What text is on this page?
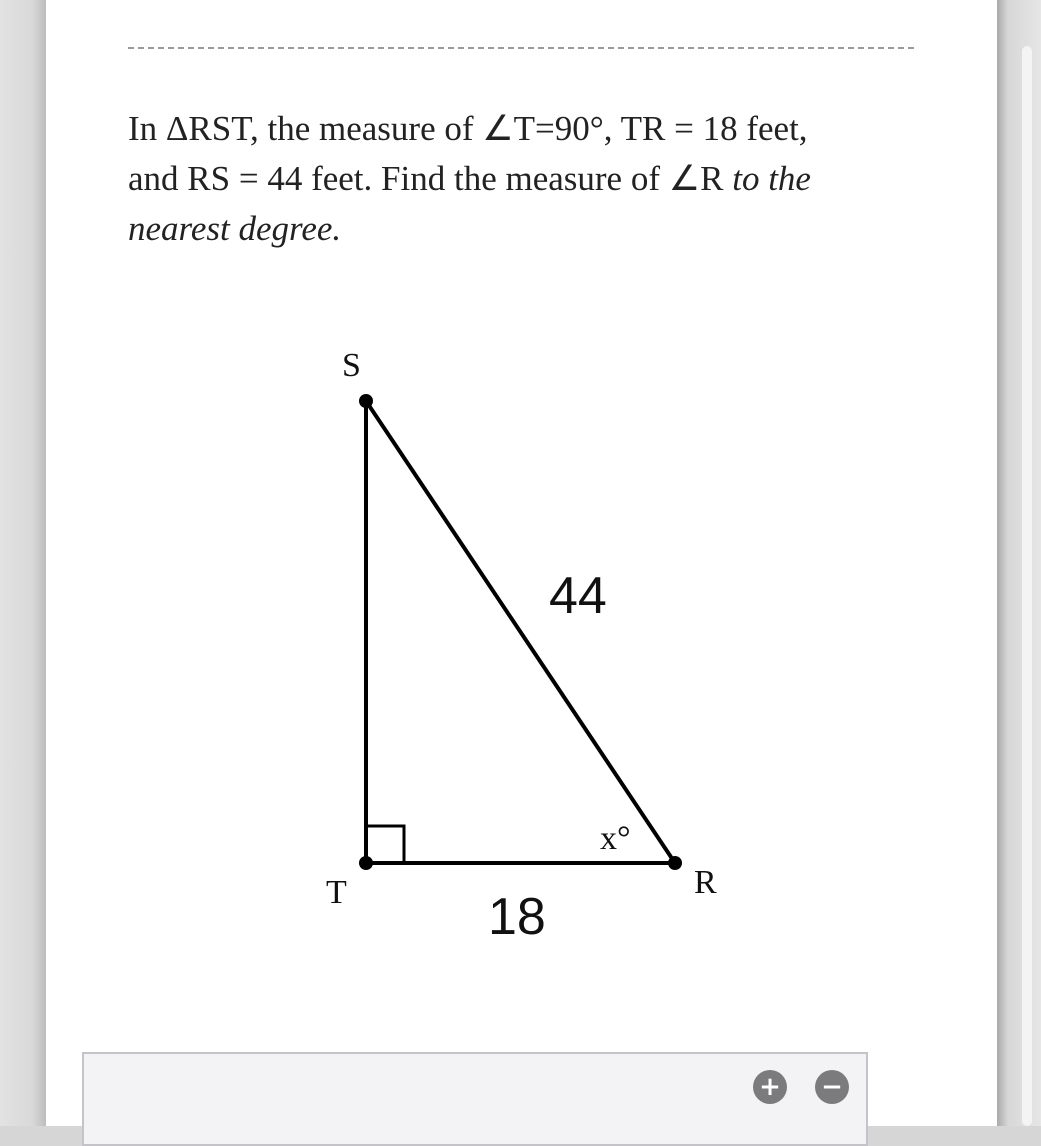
In ΔRST, the measure of ∠T=90°, TR = 18 feet,
and RS = 44 feet. Find the measure of ∠R to the
nearest degree.

S
T	R
44
18
x°
+ −
